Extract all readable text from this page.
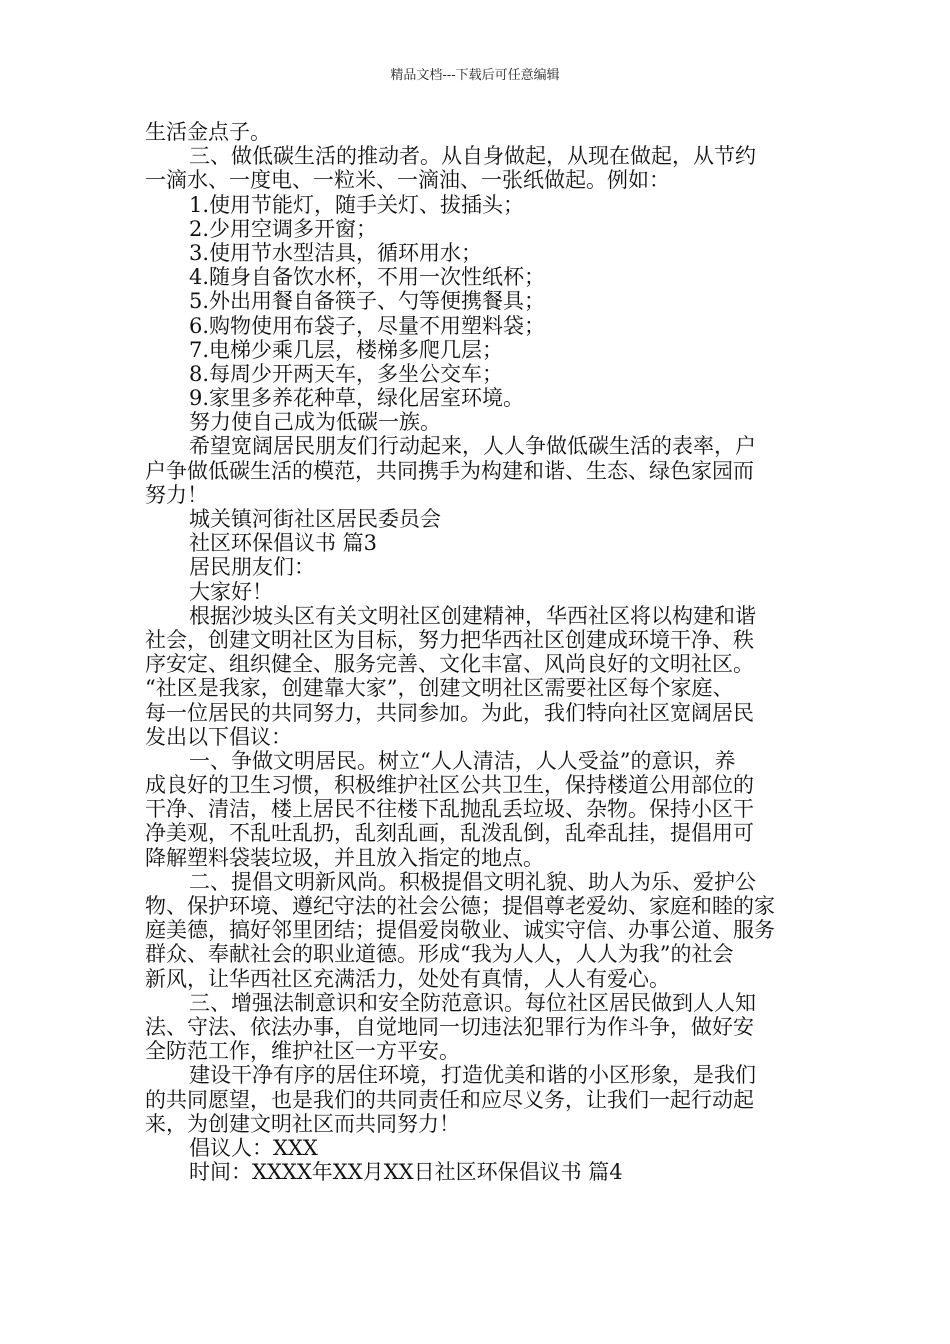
精品文档---下载后可任意编辑
生活金点子。
三、做低碳生活的推动者。从自身做起，从现在做起，从节约
一滴水、一度电、一粒米、一滴油、一张纸做起。例如：
1.使用节能灯，随手关灯、拔插头；
2.少用空调多开窗；
3.使用节水型洁具，循环用水；
4.随身自备饮水杯，不用一次性纸杯；
5.外出用餐自备筷子、勺等便携餐具；
6.购物使用布袋子，尽量不用塑料袋；
7.电梯少乘几层，楼梯多爬几层；
8.每周少开两天车，多坐公交车；
9.家里多养花种草，绿化居室环境。
努力使自己成为低碳一族。
希望宽阔居民朋友们行动起来，人人争做低碳生活的表率，户
户争做低碳生活的模范，共同携手为构建和谐、生态、绿色家园而
努力！
城关镇河街社区居民委员会
社区环保倡议书 篇3
居民朋友们：
大家好！
根据沙坡头区有关文明社区创建精神，华西社区将以构建和谐
社会，创建文明社区为目标，努力把华西社区创建成环境干净、秩
序安定、组织健全、服务完善、文化丰富、风尚良好的文明社区。
“社区是我家，创建靠大家”，创建文明社区需要社区每个家庭、
每一位居民的共同努力，共同参加。为此，我们特向社区宽阔居民
发出以下倡议：
一、争做文明居民。树立“人人清洁，人人受益”的意识，养
成良好的卫生习惯，积极维护社区公共卫生，保持楼道公用部位的
干净、清洁，楼上居民不往楼下乱抛乱丢垃圾、杂物。保持小区干
净美观，不乱吐乱扔，乱刻乱画，乱泼乱倒，乱牵乱挂，提倡用可
降解塑料袋装垃圾，并且放入指定的地点。
二、提倡文明新风尚。积极提倡文明礼貌、助人为乐、爱护公
物、保护环境、遵纪守法的社会公德；提倡尊老爱幼、家庭和睦的家
庭美德，搞好邻里团结；提倡爱岗敬业、诚实守信、办事公道、服务
群众、奉献社会的职业道德。形成“我为人人，人人为我”的社会
新风，让华西社区充满活力，处处有真情，人人有爱心。
三、增强法制意识和安全防范意识。每位社区居民做到人人知
法、守法、依法办事，自觉地同一切违法犯罪行为作斗争，做好安
全防范工作，维护社区一方平安。
建设干净有序的居住环境，打造优美和谐的小区形象，是我们
的共同愿望，也是我们的共同责任和应尽义务，让我们一起行动起
来，为创建文明社区而共同努力！
倡议人：XXX
时间：XXXX年XX月XX日社区环保倡议书 篇4
